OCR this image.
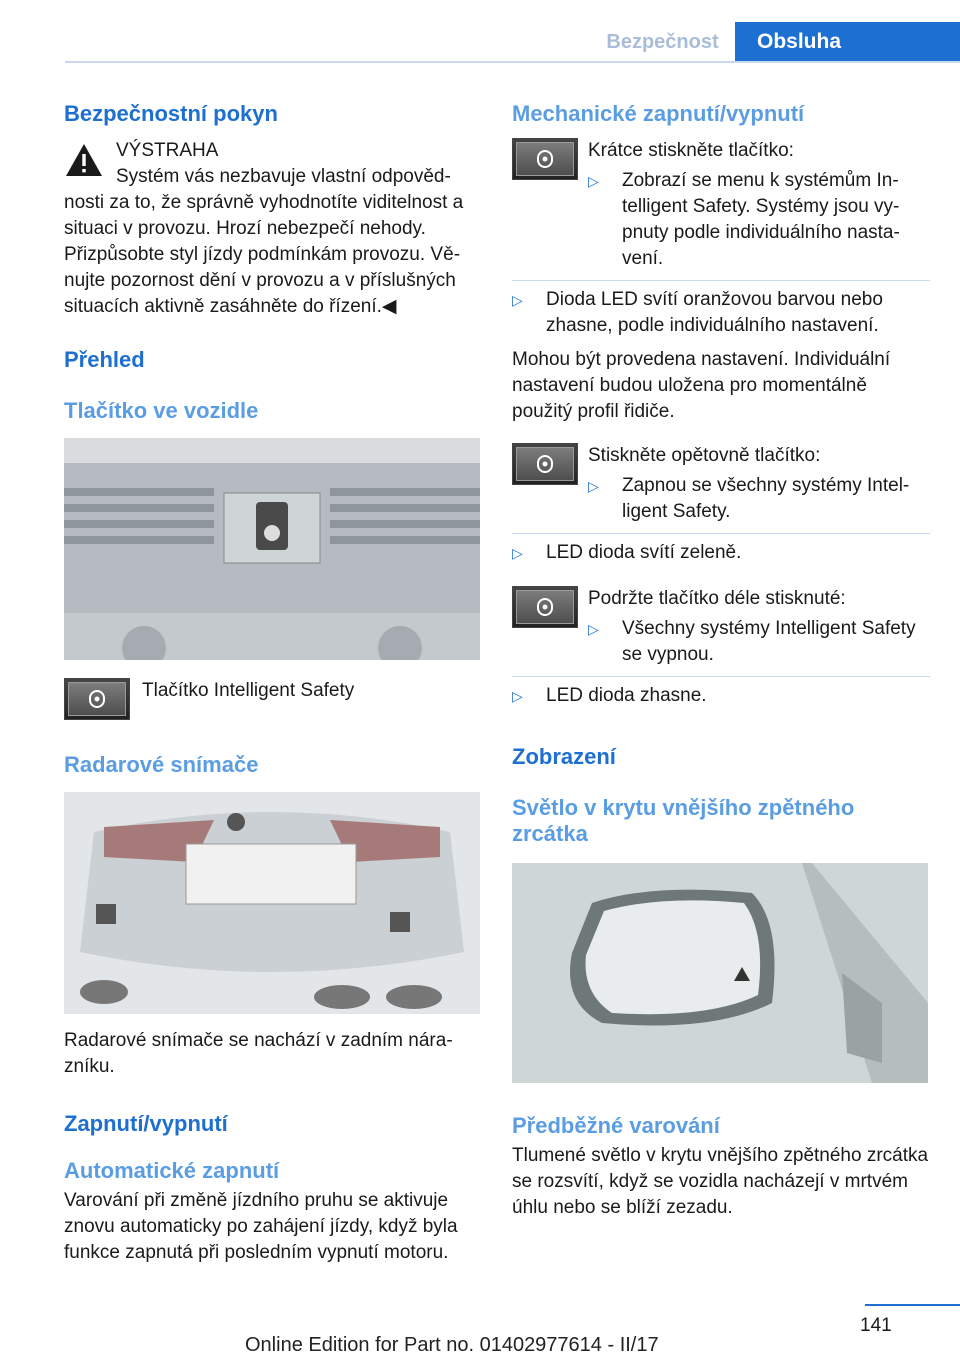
Bezpečnost	Obsluha
Bezpečnostní pokyn

VÝSTRAHA

Systém vás nezbavuje vlastní odpovědnosti za to, že správně vyhodnotíte viditelnost a situaci v provozu. Hrozí nebezpečí nehody. Přizpůsobte styl jízdy podmínkám provozu. Věnujte pozornost dění v provozu a v příslušných situacích aktivně zasáhněte do řízení.◀

Přehled
Tlačítko ve vozidle

Tlačítko Intelligent Safety

Radarové snímače

Radarové snímače se nachází v zadním nárazníku.

Zapnutí/vypnutí
Automatické zapnutí

Varování při změně jízdního pruhu se aktivuje znovu automaticky po zahájení jízdy, když byla funkce zapnutá při posledním vypnutí motoru.

Mechanické zapnutí/vypnutí

Krátce stiskněte tlačítko:

▷ Zobrazí se menu k systémům Intelligent Safety. Systémy jsou vypnuty podle individuálního nastavení.
▷ Dioda LED svítí oranžovou barvou nebo zhasne, podle individuálního nastavení.

Mohou být provedena nastavení. Individuální nastavení budou uložena pro momentálně použitý profil řidiče.

Stiskněte opětovně tlačítko:

▷ Zapnou se všechny systémy Intelligent Safety.
▷ LED dioda svítí zeleně.

Podržte tlačítko déle stisknuté:

▷ Všechny systémy Intelligent Safety se vypnou.
▷ LED dioda zhasne.
Zobrazení
Světlo v krytu vnějšího zpětného zrcátka
Předběžné varování

Tlumené světlo v krytu vnějšího zpětného zrcátka se rozsvítí, když se vozidla nacházejí v mrtvém úhlu nebo se blíží zezadu.

141
Online Edition for Part no. 01402977614 - II/17
